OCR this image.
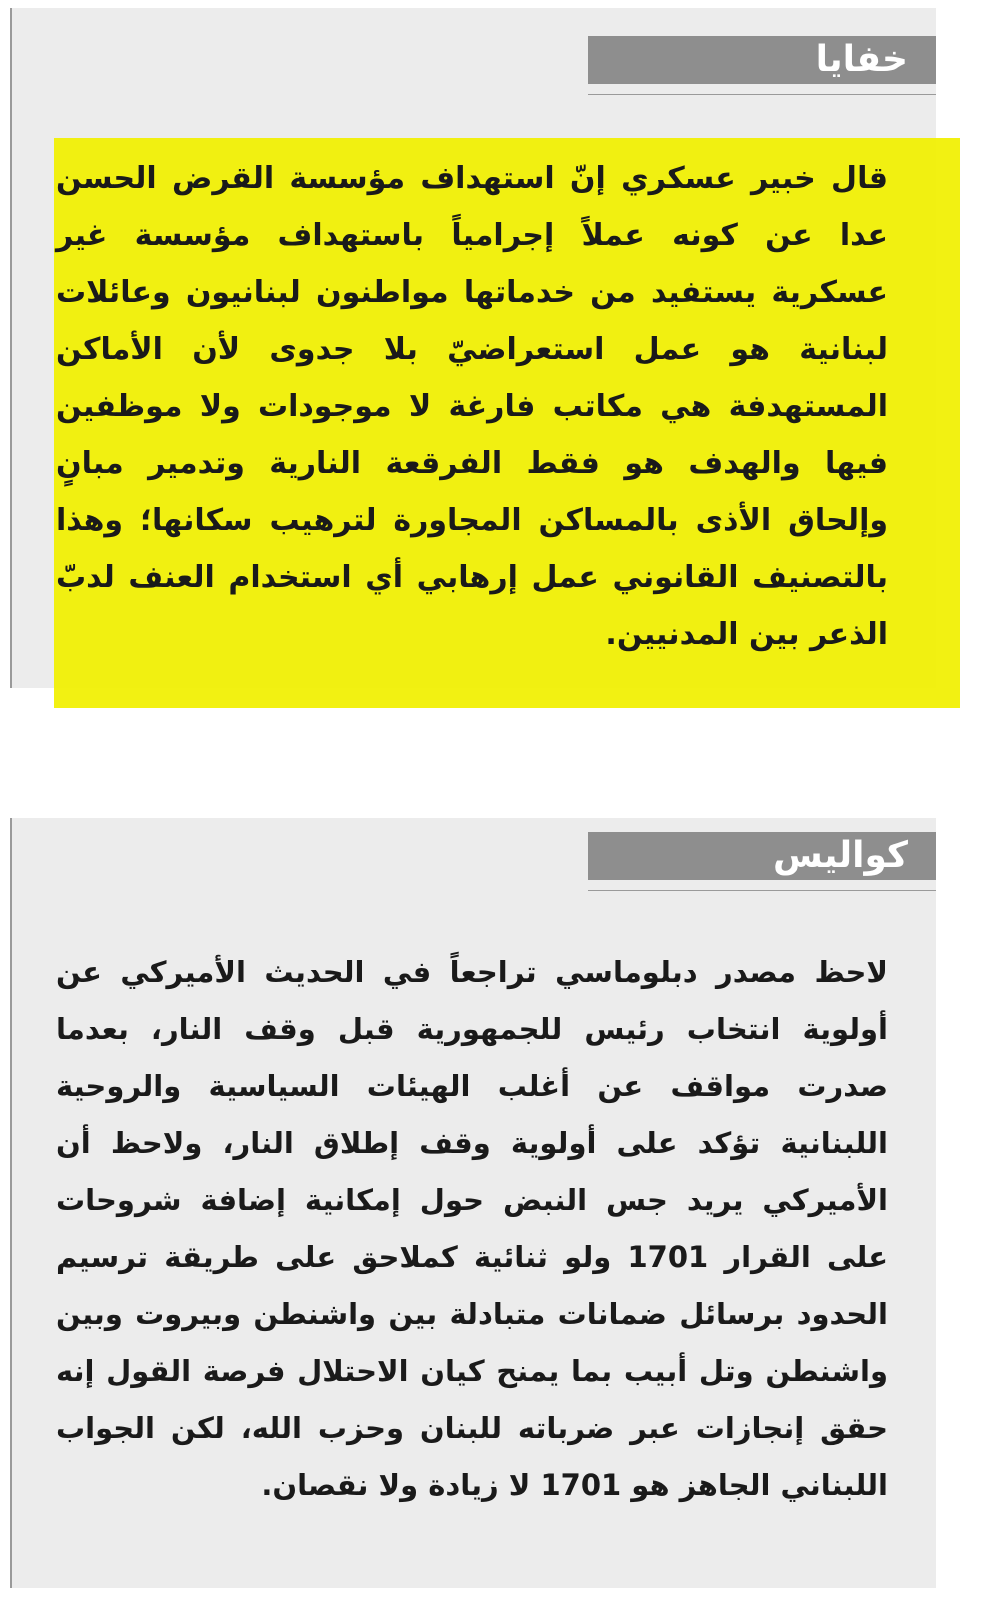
خفايا

قال خبير عسكري إنّ استهداف مؤسسة القرض الحسن عدا عن كونه عملاً إجرامياً باستهداف مؤسسة غير عسكرية يستفيد من خدماتها مواطنون لبنانيون وعائلات لبنانية هو عمل استعراضيّ بلا جدوى لأن الأماكن المستهدفة هي مكاتب فارغة لا موجودات ولا موظفين فيها والهدف هو فقط الفرقعة النارية وتدمير مبانٍ وإلحاق الأذى بالمساكن المجاورة لترهيب سكانها؛ وهذا بالتصنيف القانوني عمل إرهابي أي استخدام العنف لدبّ الذعر بين المدنيين.

كواليس

لاحظ مصدر دبلوماسي تراجعاً في الحديث الأميركي عن أولوية انتخاب رئيس للجمهورية قبل وقف النار، بعدما صدرت مواقف عن أغلب الهيئات السياسية والروحية اللبنانية تؤكد على أولوية وقف إطلاق النار، ولاحظ أن الأميركي يريد جس النبض حول إمكانية إضافة شروحات على القرار 1701 ولو ثنائية كملاحق على طريقة ترسيم الحدود برسائل ضمانات متبادلة بين واشنطن وبيروت وبين واشنطن وتل أبيب بما يمنح كيان الاحتلال فرصة القول إنه حقق إنجازات عبر ضرباته للبنان وحزب الله، لكن الجواب اللبناني الجاهز هو 1701 لا زيادة ولا نقصان.
